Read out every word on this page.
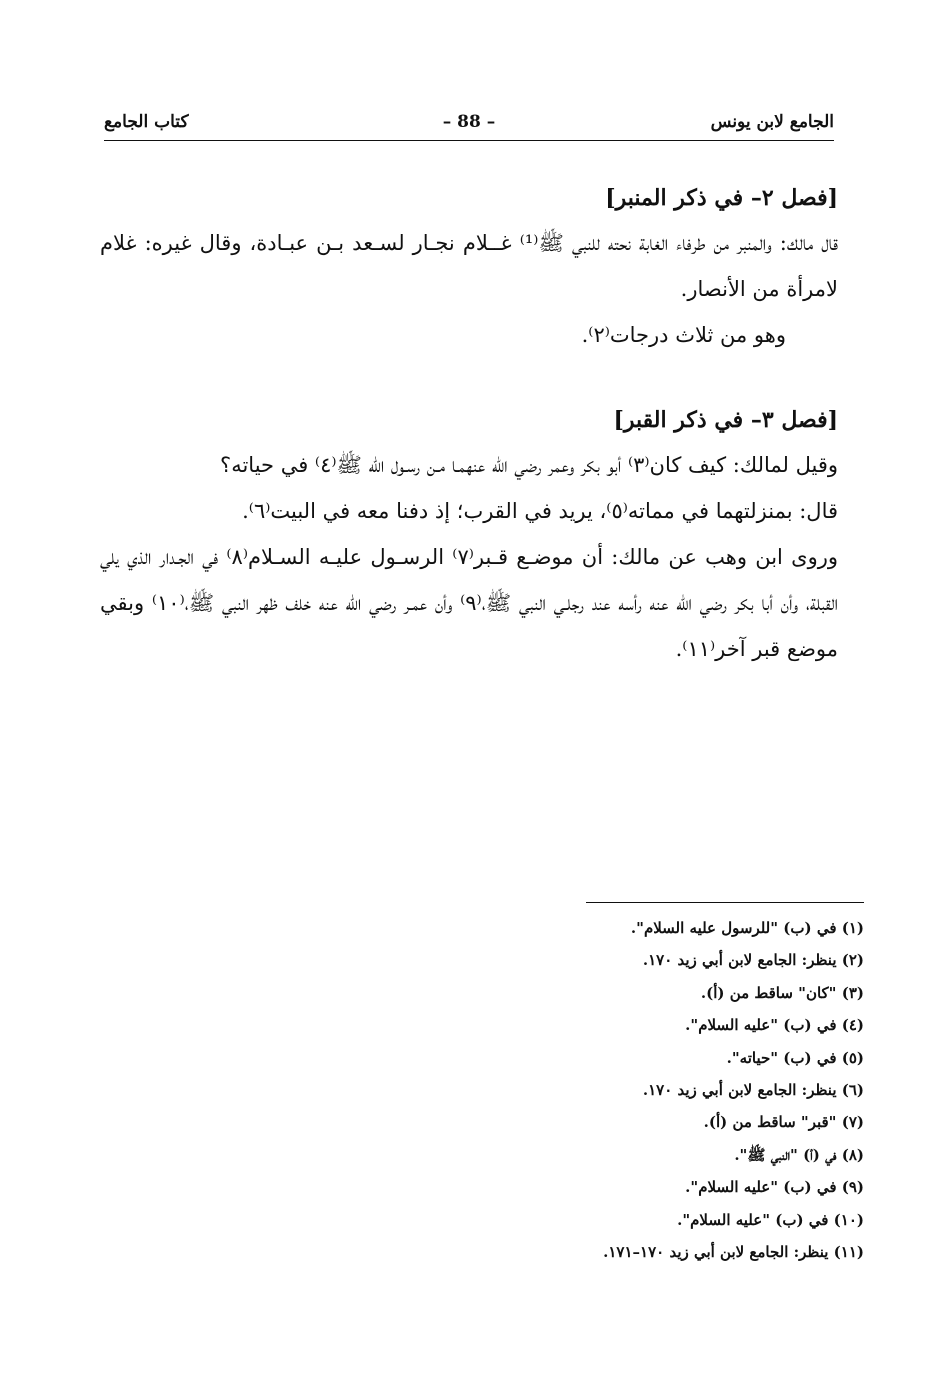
الجامع لابن يونس
– 88 –
كتاب الجامع
[فصل ٢– في ذكر المنبر]

قال مالك: والمنبر من طرفاء الغابة نحته للنبي ﷺ⁽¹⁾ غــلام نجـار لسـعد بـن عبـادة، وقال غيره: غلام لامرأة من الأنصار.

وهو من ثلاث درجات⁽٢⁾.

[فصل ٣– في ذكر القبر]

وقيل لمالك: كيف كان⁽٣⁾ أبو بكر وعمر رضي الله عنهمـا مـن رسـول الله ﷺ⁽٤⁾ في حياته؟

قال: بمنزلتهما في مماته⁽٥⁾، يريد في القرب؛ إذ دفنا معه في البيت⁽٦⁾.

وروى ابن وهب عن مالك: أن موضـع قـبر⁽٧⁾ الرسـول عليـه السـلام⁽٨⁾ في الجـدار الذي يلي القبلة، وأن أبا بكر رضي الله عنه رأسه عند رجلـي النبي ﷺ،⁽٩⁾ وأن عمـر رضي الله عنه خلف ظهر النبي ﷺ،⁽١٠⁾ وبقي موضع قبر آخر⁽١١⁾.

(١) في (ب) "للرسول عليه السلام".
(٢) ينظر: الجامع لابن أبي زيد ١٧٠.
(٣) "كان" ساقط من (أ).
(٤) في (ب) "عليه السلام".
(٥) في (ب) "حياته".
(٦) ينظر: الجامع لابن أبي زيد ١٧٠.
(٧) "قبر" ساقط من (أ).
(٨) في (أ) "النبي ﷺ".
(٩) في (ب) "عليه السلام".
(١٠) في (ب) "عليه السلام".
(١١) ينظر: الجامع لابن أبي زيد ١٧٠–١٧١.
